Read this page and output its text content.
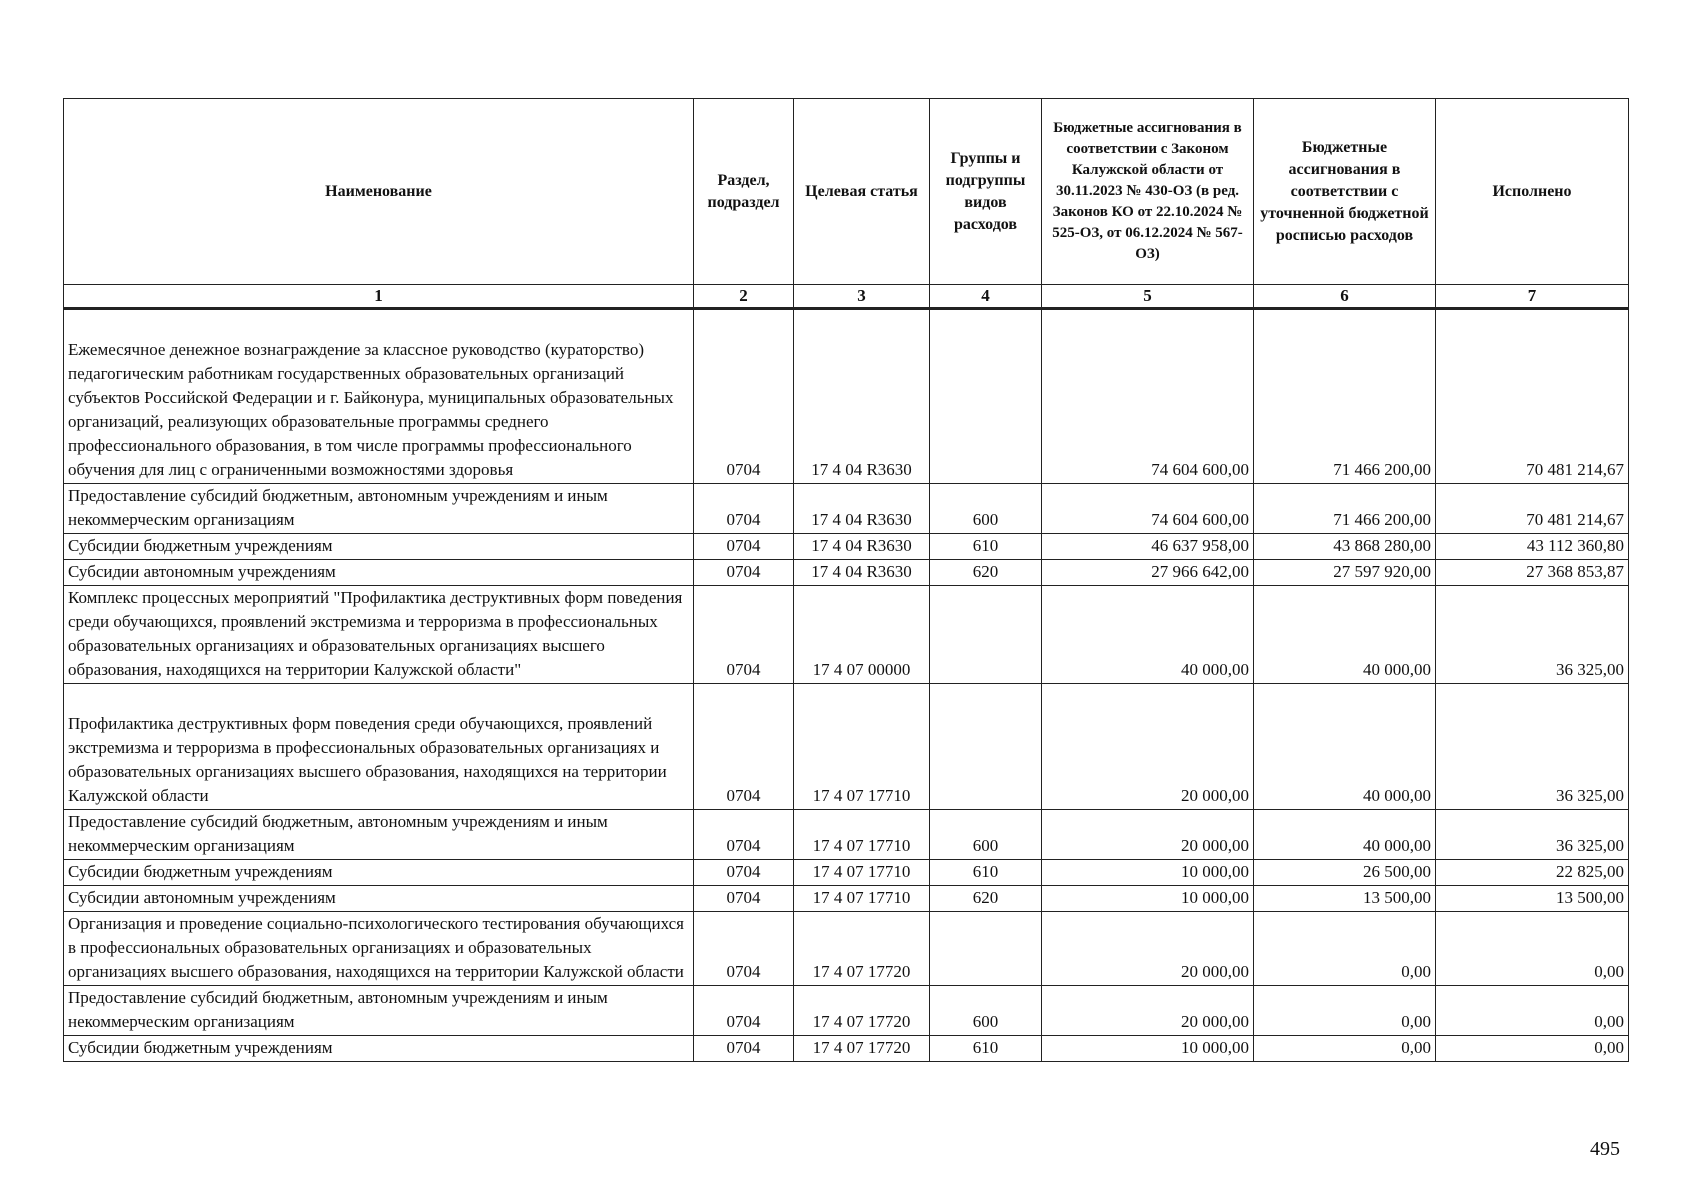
Наименование	Раздел, подраздел	Целевая статья	Группы и подгруппы видов расходов	Бюджетные ассигнования в соответствии с Законом Калужской области от 30.11.2023 № 430-ОЗ (в ред. Законов КО от 22.10.2024 № 525-ОЗ, от 06.12.2024 № 567-ОЗ)	Бюджетные ассигнования в соответствии с уточненной бюджетной росписью расходов	Исполнено
1	2	3	4	5	6	7
Ежемесячное денежное вознаграждение за классное руководство (кураторство) педагогическим работникам государственных образовательных организаций субъектов Российской Федерации и г. Байконура, муниципальных образовательных организаций, реализующих образовательные программы среднего профессионального образования, в том числе программы профессионального обучения для лиц с ограниченными возможностями здоровья	0704	17 4 04 R3630		74 604 600,00	71 466 200,00	70 481 214,67
Предоставление субсидий бюджетным, автономным учреждениям и иным некоммерческим организациям	0704	17 4 04 R3630	600	74 604 600,00	71 466 200,00	70 481 214,67
Субсидии бюджетным учреждениям	0704	17 4 04 R3630	610	46 637 958,00	43 868 280,00	43 112 360,80
Субсидии автономным учреждениям	0704	17 4 04 R3630	620	27 966 642,00	27 597 920,00	27 368 853,87
Комплекс процессных мероприятий "Профилактика деструктивных форм поведения среди обучающихся, проявлений экстремизма и терроризма в профессиональных образовательных организациях и образовательных организациях высшего образования, находящихся на территории Калужской области"	0704	17 4 07 00000		40 000,00	40 000,00	36 325,00
Профилактика деструктивных форм поведения среди обучающихся, проявлений экстремизма и терроризма в профессиональных образовательных организациях и образовательных организациях высшего образования, находящихся на территории Калужской области	0704	17 4 07 17710		20 000,00	40 000,00	36 325,00
Предоставление субсидий бюджетным, автономным учреждениям и иным некоммерческим организациям	0704	17 4 07 17710	600	20 000,00	40 000,00	36 325,00
Субсидии бюджетным учреждениям	0704	17 4 07 17710	610	10 000,00	26 500,00	22 825,00
Субсидии автономным учреждениям	0704	17 4 07 17710	620	10 000,00	13 500,00	13 500,00
Организация и проведение социально-психологического тестирования обучающихся в профессиональных образовательных организациях и образовательных организациях высшего образования, находящихся на территории Калужской области	0704	17 4 07 17720		20 000,00	0,00	0,00
Предоставление субсидий бюджетным, автономным учреждениям и иным некоммерческим организациям	0704	17 4 07 17720	600	20 000,00	0,00	0,00
Субсидии бюджетным учреждениям	0704	17 4 07 17720	610	10 000,00	0,00	0,00
495
